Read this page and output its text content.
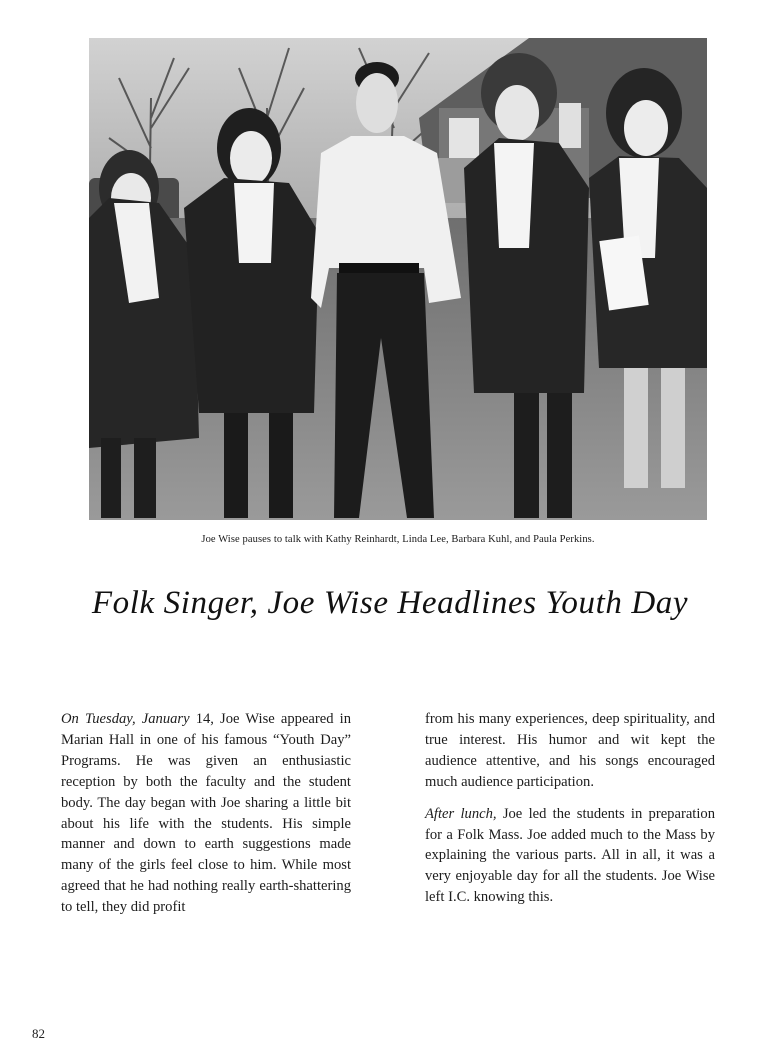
Joe Wise pauses to talk with Kathy Reinhardt, Linda Lee, Barbara Kuhl, and Paula Perkins.
Folk Singer, Joe Wise Headlines Youth Day

On Tuesday, January 14, Joe Wise appeared in Marian Hall in one of his famous “Youth Day” Programs. He was given an enthusiastic reception by both the faculty and the student body. The day began with Joe sharing a little bit about his life with the students. His simple manner and down to earth suggestions made many of the girls feel close to him. While most agreed that he had nothing really earth-shattering to tell, they did profit

from his many experiences, deep spirituality, and true interest. His humor and wit kept the audience attentive, and his songs encouraged much audience participation.

After lunch, Joe led the students in preparation for a Folk Mass. Joe added much to the Mass by explaining the various parts. All in all, it was a very enjoyable day for all the students. Joe Wise left I.C. knowing this.

82
